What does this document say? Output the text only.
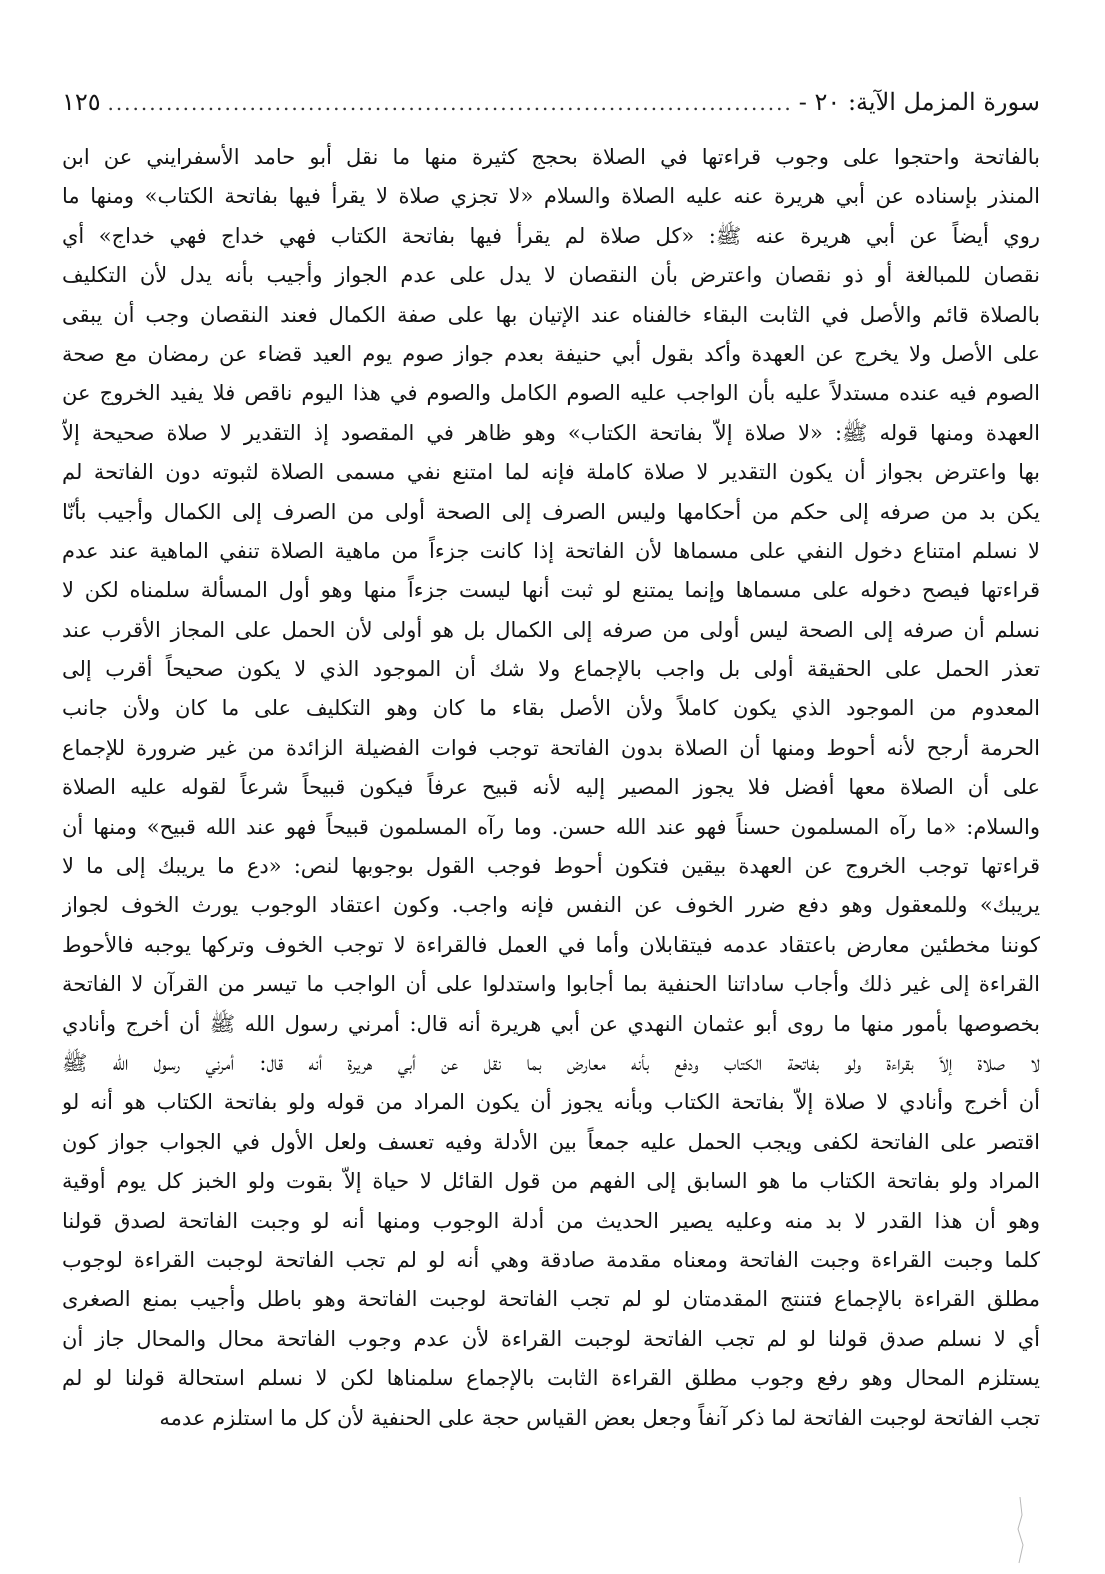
سورة المزمل الآية: ٢٠ -
.....
١٢٥
بالفاتحة واحتجوا على وجوب قراءتها في الصلاة بحجج كثيرة منها ما نقل أبو حامد الأسفرايني عن ابن
المنذر بإسناده عن أبي هريرة عنه عليه الصلاة والسلام «لا تجزي صلاة لا يقرأ فيها بفاتحة الكتاب» ومنها ما
روي أيضاً عن أبي هريرة عنه ﷺ: «كل صلاة لم يقرأ فيها بفاتحة الكتاب فهي خداج فهي خداج» أي
نقصان للمبالغة أو ذو نقصان واعترض بأن النقصان لا يدل على عدم الجواز وأجيب بأنه يدل لأن التكليف
بالصلاة قائم والأصل في الثابت البقاء خالفناه عند الإتيان بها على صفة الكمال فعند النقصان وجب أن يبقى
على الأصل ولا يخرج عن العهدة وأكد بقول أبي حنيفة بعدم جواز صوم يوم العيد قضاء عن رمضان مع صحة
الصوم فيه عنده مستدلاً عليه بأن الواجب عليه الصوم الكامل والصوم في هذا اليوم ناقص فلا يفيد الخروج عن
العهدة ومنها قوله ﷺ: «لا صلاة إلاّ بفاتحة الكتاب» وهو ظاهر في المقصود إذ التقدير لا صلاة صحيحة إلاّ
بها واعترض بجواز أن يكون التقدير لا صلاة كاملة فإنه لما امتنع نفي مسمى الصلاة لثبوته دون الفاتحة لم
يكن بد من صرفه إلى حكم من أحكامها وليس الصرف إلى الصحة أولى من الصرف إلى الكمال وأجيب بأنّا
لا نسلم امتناع دخول النفي على مسماها لأن الفاتحة إذا كانت جزءاً من ماهية الصلاة تنفي الماهية عند عدم
قراءتها فيصح دخوله على مسماها وإنما يمتنع لو ثبت أنها ليست جزءاً منها وهو أول المسألة سلمناه لكن لا
نسلم أن صرفه إلى الصحة ليس أولى من صرفه إلى الكمال بل هو أولى لأن الحمل على المجاز الأقرب عند
تعذر الحمل على الحقيقة أولى بل واجب بالإجماع ولا شك أن الموجود الذي لا يكون صحيحاً أقرب إلى
المعدوم من الموجود الذي يكون كاملاً ولأن الأصل بقاء ما كان وهو التكليف على ما كان ولأن جانب
الحرمة أرجح لأنه أحوط ومنها أن الصلاة بدون الفاتحة توجب فوات الفضيلة الزائدة من غير ضرورة للإجماع
على أن الصلاة معها أفضل فلا يجوز المصير إليه لأنه قبيح عرفاً فيكون قبيحاً شرعاً لقوله عليه الصلاة
والسلام: «ما رآه المسلمون حسناً فهو عند الله حسن. وما رآه المسلمون قبيحاً فهو عند الله قبيح» ومنها أن
قراءتها توجب الخروج عن العهدة بيقين فتكون أحوط فوجب القول بوجوبها لنص: «دع ما يريبك إلى ما لا
يريبك» وللمعقول وهو دفع ضرر الخوف عن النفس فإنه واجب. وكون اعتقاد الوجوب يورث الخوف لجواز
كوننا مخطئين معارض باعتقاد عدمه فيتقابلان وأما في العمل فالقراءة لا توجب الخوف وتركها يوجبه فالأحوط
القراءة إلى غير ذلك وأجاب ساداتنا الحنفية بما أجابوا واستدلوا على أن الواجب ما تيسر من القرآن لا الفاتحة
بخصوصها بأمور منها ما روى أبو عثمان النهدي عن أبي هريرة أنه قال: أمرني رسول الله ﷺ أن أخرج وأنادي
لا صلاة إلاّ بقراءة ولو بفاتحة الكتاب ودفع بأنه معارض بما نقل عن أبي هريرة أنه قال: أمرني رسول الله ﷺ
أن أخرج وأنادي لا صلاة إلاّ بفاتحة الكتاب وبأنه يجوز أن يكون المراد من قوله ولو بفاتحة الكتاب هو أنه لو
اقتصر على الفاتحة لكفى ويجب الحمل عليه جمعاً بين الأدلة وفيه تعسف ولعل الأول في الجواب جواز كون
المراد ولو بفاتحة الكتاب ما هو السابق إلى الفهم من قول القائل لا حياة إلاّ بقوت ولو الخبز كل يوم أوقية
وهو أن هذا القدر لا بد منه وعليه يصير الحديث من أدلة الوجوب ومنها أنه لو وجبت الفاتحة لصدق قولنا
كلما وجبت القراءة وجبت الفاتحة ومعناه مقدمة صادقة وهي أنه لو لم تجب الفاتحة لوجبت القراءة لوجوب
مطلق القراءة بالإجماع فتنتج المقدمتان لو لم تجب الفاتحة لوجبت الفاتحة وهو باطل وأجيب بمنع الصغرى
أي لا نسلم صدق قولنا لو لم تجب الفاتحة لوجبت القراءة لأن عدم وجوب الفاتحة محال والمحال جاز أن
يستلزم المحال وهو رفع وجوب مطلق القراءة الثابت بالإجماع سلمناها لكن لا نسلم استحالة قولنا لو لم
تجب الفاتحة لوجبت الفاتحة لما ذكر آنفاً وجعل بعض القياس حجة على الحنفية لأن كل ما استلزم عدمه
